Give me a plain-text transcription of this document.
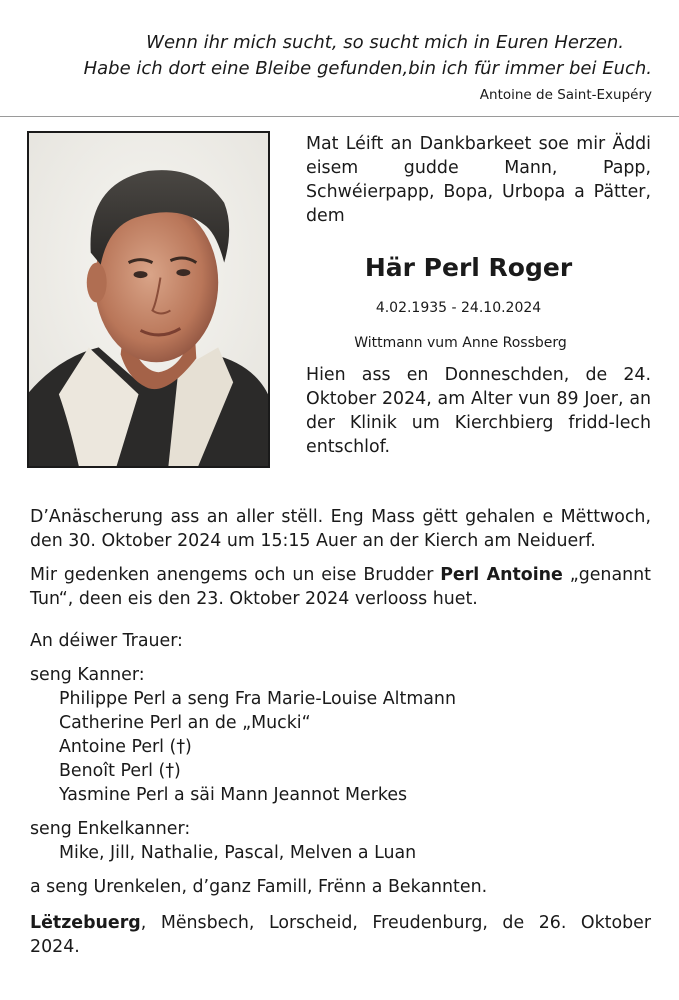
Wenn ihr mich sucht, so sucht mich in Euren Herzen.

Habe ich dort eine Bleibe gefunden,bin ich für immer bei Euch.

Antoine de Saint-Exupéry

Mat Léift an Dankbarkeet soe mir Äddi eisem gudde Mann, Papp, Schwéierpapp, Bopa, Urbopa a Pätter, dem

Här Perl Roger
4.02.1935 - 24.10.2024
Wittmann vum Anne Rossberg

Hien ass en Donneschden, de 24. Oktober 2024, am Alter vun 89 Joer, an der Klinik um Kierchbierg fridd-lech entschlof.

D’Anäscherung ass an aller stëll. Eng Mass gëtt gehalen e Mëttwoch, den 30. Oktober 2024 um 15:15 Auer an der Kierch am Neiduerf.

Mir gedenken anengems och un eise Brudder Perl Antoine „genannt Tun“, deen eis den 23. Oktober 2024 verlooss huet.

An déiwer Trauer:

seng Kanner:

Philippe Perl a seng Fra Marie-Louise Altmann
Catherine Perl an de „Mucki“
Antoine Perl (†)
Benoît Perl (†)
Yasmine Perl a säi Mann Jeannot Merkes

seng Enkelkanner:

Mike, Jill, Nathalie, Pascal, Melven a Luan

a seng Urenkelen, d’ganz Famill, Frënn a Bekannten.

Lëtzebuerg, Mënsbech, Lorscheid, Freudenburg, de 26. Oktober 2024.
